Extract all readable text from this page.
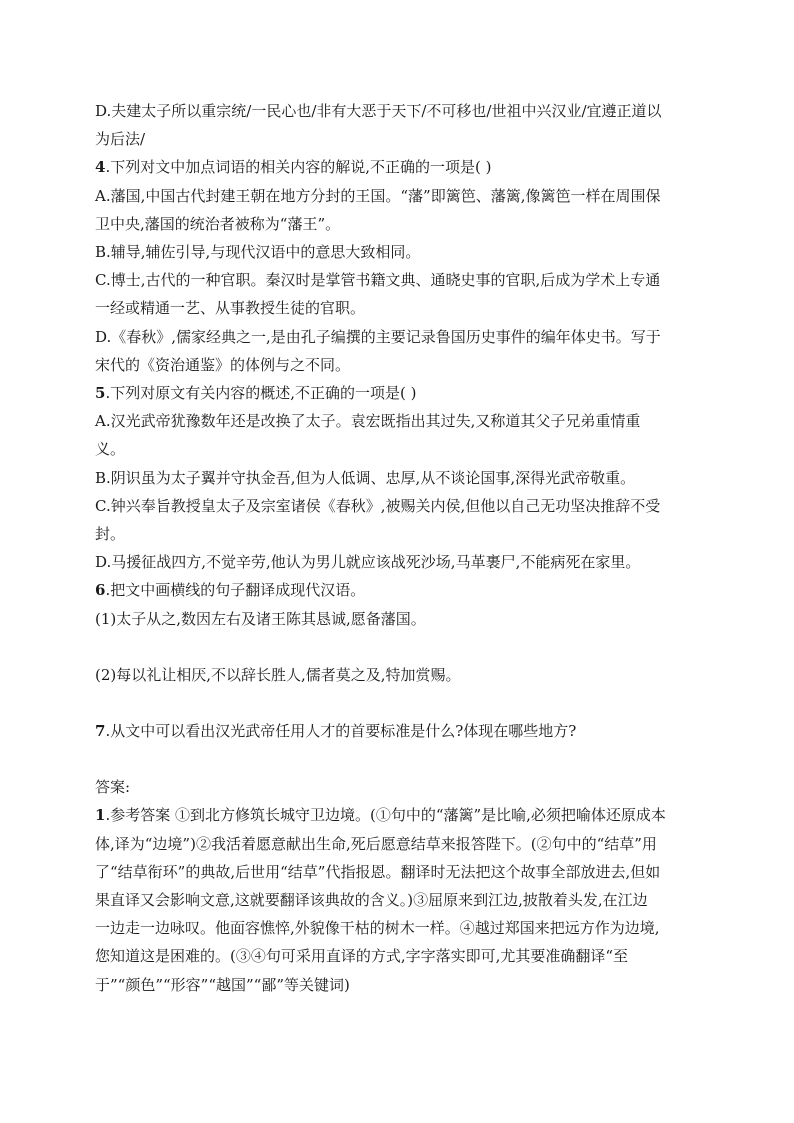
D.夫建太子所以重宗统/一民心也/非有大恶于天下/不可移也/世祖中兴汉业/宜遵正道以
为后法/
4.下列对文中加点词语的相关内容的解说,不正确的一项是( )
A.藩国,中国古代封建王朝在地方分封的王国。“藩”即篱笆、藩篱,像篱笆一样在周围保
卫中央,藩国的统治者被称为“藩王”。
B.辅导,辅佐引导,与现代汉语中的意思大致相同。
C.博士,古代的一种官职。秦汉时是掌管书籍文典、通晓史事的官职,后成为学术上专通
一经或精通一艺、从事教授生徒的官职。
D.《春秋》,儒家经典之一,是由孔子编撰的主要记录鲁国历史事件的编年体史书。写于
宋代的《资治通鉴》的体例与之不同。
5.下列对原文有关内容的概述,不正确的一项是( )
A.汉光武帝犹豫数年还是改换了太子。袁宏既指出其过失,又称道其父子兄弟重情重
义。
B.阴识虽为太子翼并守执金吾,但为人低调、忠厚,从不谈论国事,深得光武帝敬重。
C.钟兴奉旨教授皇太子及宗室诸侯《春秋》,被赐关内侯,但他以自己无功坚决推辞不受
封。
D.马援征战四方,不觉辛劳,他认为男儿就应该战死沙场,马革裹尸,不能病死在家里。
6.把文中画横线的句子翻译成现代汉语。
(1)太子从之,数因左右及诸王陈其恳诚,愿备藩国。
(2)每以礼让相厌,不以辞长胜人,儒者莫之及,特加赏赐。
7.从文中可以看出汉光武帝任用人才的首要标准是什么?体现在哪些地方?
答案:
1.参考答案 ①到北方修筑长城守卫边境。(①句中的“藩篱”是比喻,必须把喻体还原成本
体,译为“边境”)②我活着愿意献出生命,死后愿意结草来报答陛下。(②句中的“结草”用
了“结草衔环”的典故,后世用“结草”代指报恩。翻译时无法把这个故事全部放进去,但如
果直译又会影响文意,这就要翻译该典故的含义。)③屈原来到江边,披散着头发,在江边
一边走一边咏叹。他面容憔悴,外貌像干枯的树木一样。④越过郑国来把远方作为边境,
您知道这是困难的。(③④句可采用直译的方式,字字落实即可,尤其要准确翻译“至
于”“颜色”“形容”“越国”“鄙”等关键词)
